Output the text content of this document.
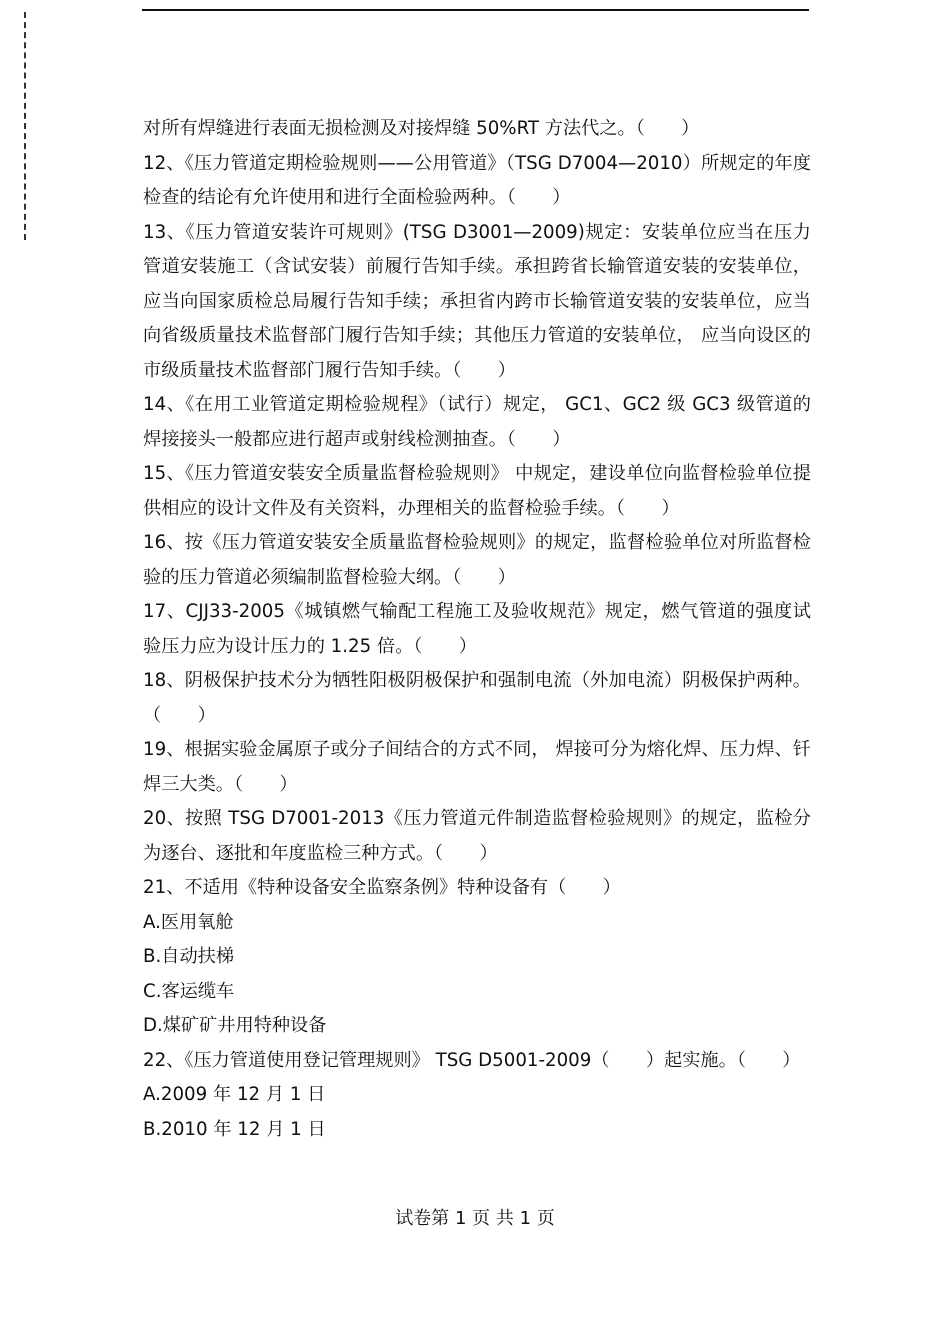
对所有焊缝进行表面无损检测及对接焊缝 50%RT 方法代之。（　　）

12、《压力管道定期检验规则——公用管道》（TSG D7004—2010）所规定的年度检查的结论有允许使用和进行全面检验两种。（　　）

13、《压力管道安装许可规则》(TSG D3001—2009)规定：安装单位应当在压力管道安装施工（含试安装）前履行告知手续。承担跨省长输管道安装的安装单位，应当向国家质检总局履行告知手续；承担省内跨市长输管道安装的安装单位，应当向省级质量技术监督部门履行告知手续；其他压力管道的安装单位， 应当向设区的市级质量技术监督部门履行告知手续。（　　）

14、《在用工业管道定期检验规程》（试行）规定， GC1、GC2 级 GC3 级管道的焊接接头一般都应进行超声或射线检测抽查。（　　）

15、《压力管道安装安全质量监督检验规则》 中规定，建设单位向监督检验单位提供相应的设计文件及有关资料，办理相关的监督检验手续。（　　）

16、按《压力管道安装安全质量监督检验规则》的规定，监督检验单位对所监督检验的压力管道必须编制监督检验大纲。（　　）

17、CJJ33-2005《城镇燃气输配工程施工及验收规范》规定，燃气管道的强度试验压力应为设计压力的 1.25 倍。（　　）

18、阴极保护技术分为牺牲阳极阴极保护和强制电流（外加电流）阴极保护两种。（　　）

19、根据实验金属原子或分子间结合的方式不同， 焊接可分为熔化焊、压力焊、钎焊三大类。（　　）

20、按照 TSG D7001-2013《压力管道元件制造监督检验规则》的规定，监检分为逐台、逐批和年度监检三种方式。（　　）

21、不适用《特种设备安全监察条例》特种设备有（　　）

A.医用氧舱

B.自动扶梯

C.客运缆车

D.煤矿矿井用特种设备

22、《压力管道使用登记管理规则》 TSG D5001-2009（　　）起实施。（　　）

A.2009 年 12 月 1 日

B.2010 年 12 月 1 日

试卷第 1 页 共 1 页
